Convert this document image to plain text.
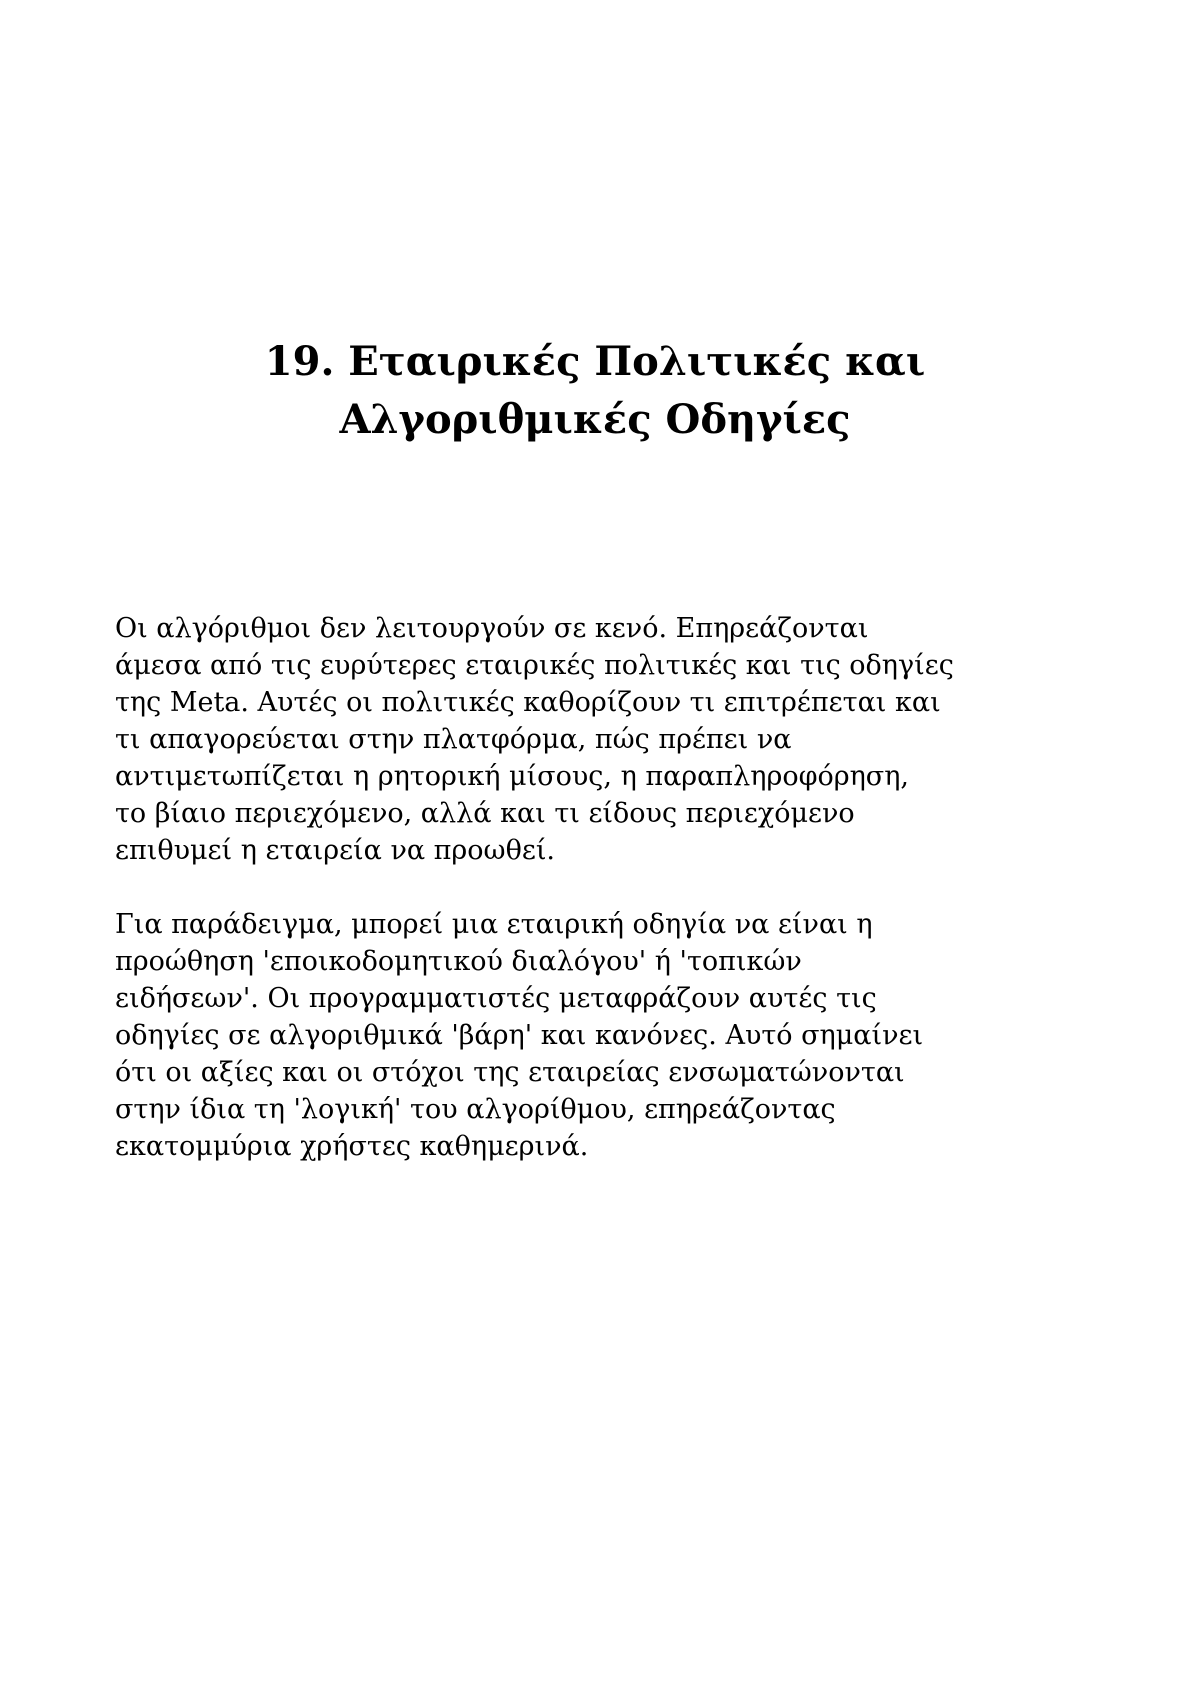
19. Εταιρικές Πολιτικές και
Αλγοριθμικές Οδηγίες

Οι αλγόριθμοι δεν λειτουργούν σε κενό. Επηρεάζονται
άμεσα από τις ευρύτερες εταιρικές πολιτικές και τις οδηγίες
της Meta. Αυτές οι πολιτικές καθορίζουν τι επιτρέπεται και
τι απαγορεύεται στην πλατφόρμα, πώς πρέπει να
αντιμετωπίζεται η ρητορική μίσους, η παραπληροφόρηση,
το βίαιο περιεχόμενο, αλλά και τι είδους περιεχόμενο
επιθυμεί η εταιρεία να προωθεί.

Για παράδειγμα, μπορεί μια εταιρική οδηγία να είναι η
προώθηση 'εποικοδομητικού διαλόγου' ή 'τοπικών
ειδήσεων'. Οι προγραμματιστές μεταφράζουν αυτές τις
οδηγίες σε αλγοριθμικά 'βάρη' και κανόνες. Αυτό σημαίνει
ότι οι αξίες και οι στόχοι της εταιρείας ενσωματώνονται
στην ίδια τη 'λογική' του αλγορίθμου, επηρεάζοντας
εκατομμύρια χρήστες καθημερινά.
